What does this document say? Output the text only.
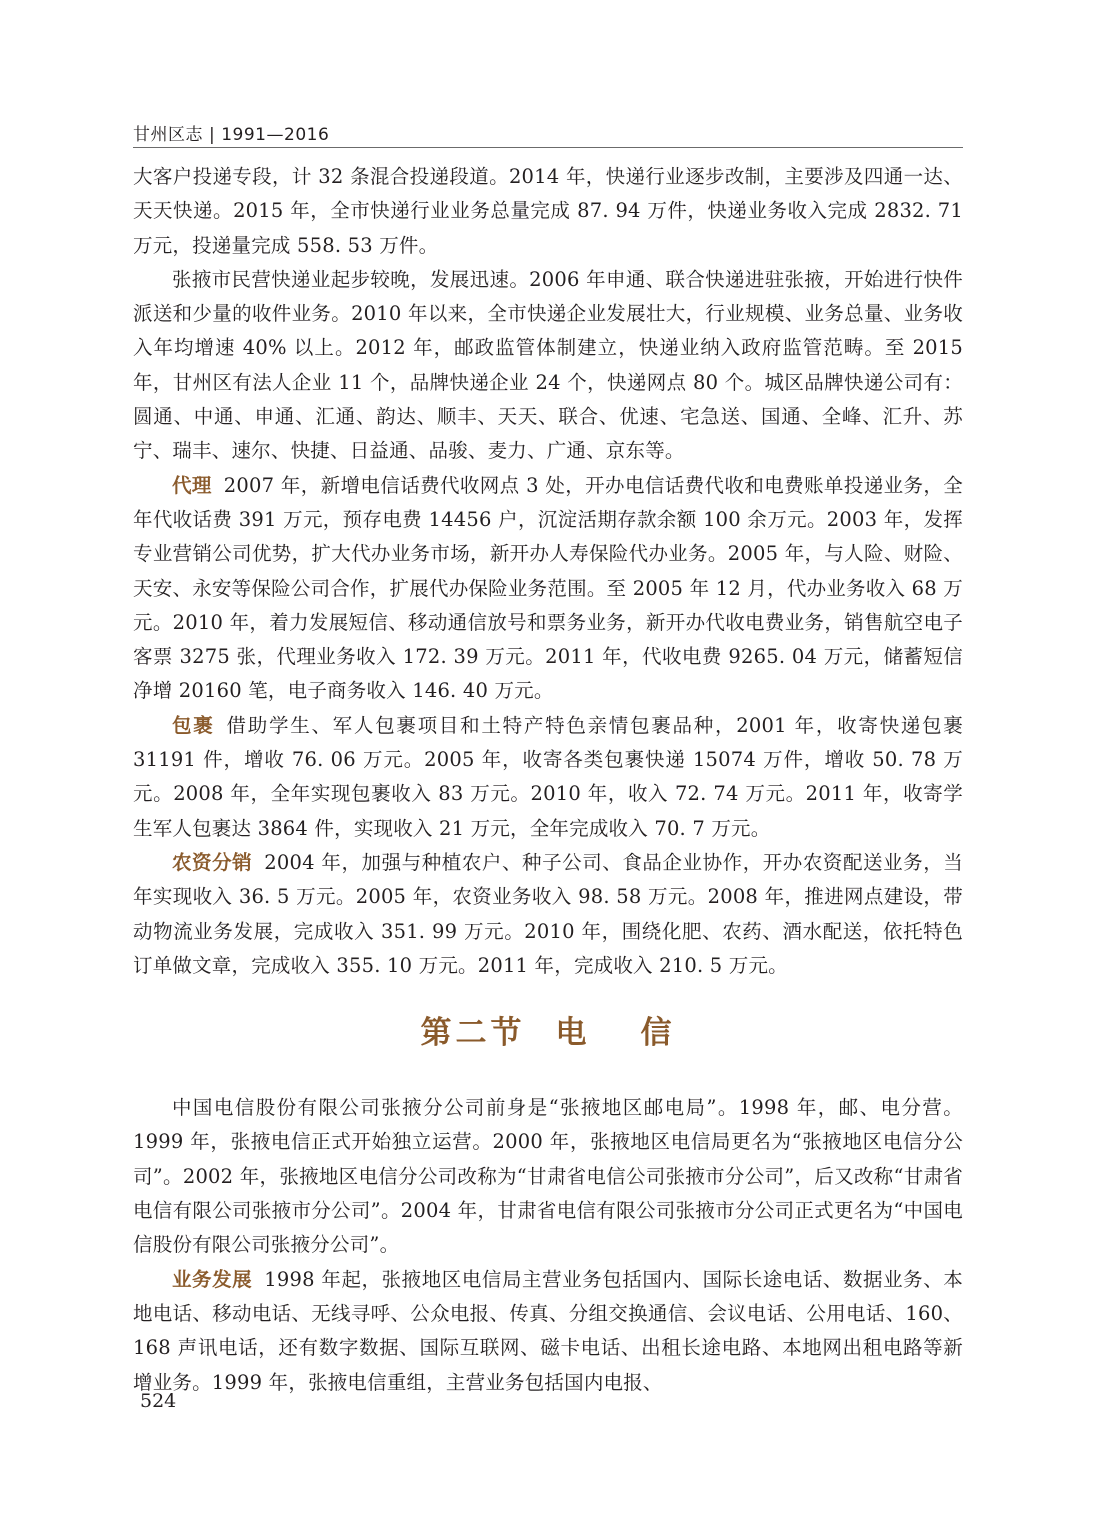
甘州区志 | 1991—2016

大客户投递专段，计 32 条混合投递段道。2014 年，快递行业逐步改制，主要涉及四通一达、天天快递。2015 年，全市快递行业业务总量完成 87. 94 万件，快递业务收入完成 2832. 71 万元，投递量完成 558. 53 万件。

张掖市民营快递业起步较晚，发展迅速。2006 年申通、联合快递进驻张掖，开始进行快件派送和少量的收件业务。2010 年以来，全市快递企业发展壮大，行业规模、业务总量、业务收入年均增速 40% 以上。2012 年，邮政监管体制建立，快递业纳入政府监管范畴。至 2015 年，甘州区有法人企业 11 个，品牌快递企业 24 个，快递网点 80 个。城区品牌快递公司有：圆通、中通、申通、汇通、韵达、顺丰、天天、联合、优速、宅急送、国通、全峰、汇升、苏宁、瑞丰、速尔、快捷、日益通、品骏、麦力、广通、京东等。

代理 2007 年，新增电信话费代收网点 3 处，开办电信话费代收和电费账单投递业务，全年代收话费 391 万元，预存电费 14456 户，沉淀活期存款余额 100 余万元。2003 年，发挥专业营销公司优势，扩大代办业务市场，新开办人寿保险代办业务。2005 年，与人险、财险、天安、永安等保险公司合作，扩展代办保险业务范围。至 2005 年 12 月，代办业务收入 68 万元。2010 年，着力发展短信、移动通信放号和票务业务，新开办代收电费业务，销售航空电子客票 3275 张，代理业务收入 172. 39 万元。2011 年，代收电费 9265. 04 万元，储蓄短信净增 20160 笔，电子商务收入 146. 40 万元。

包裹 借助学生、军人包裹项目和土特产特色亲情包裹品种，2001 年，收寄快递包裹 31191 件，增收 76. 06 万元。2005 年，收寄各类包裹快递 15074 万件，增收 50. 78 万元。2008 年，全年实现包裹收入 83 万元。2010 年，收入 72. 74 万元。2011 年，收寄学生军人包裹达 3864 件，实现收入 21 万元，全年完成收入 70. 7 万元。

农资分销 2004 年，加强与种植农户、种子公司、食品企业协作，开办农资配送业务，当年实现收入 36. 5 万元。2005 年，农资业务收入 98. 58 万元。2008 年，推进网点建设，带动物流业务发展，完成收入 351. 99 万元。2010 年，围绕化肥、农药、酒水配送，依托特色订单做文章，完成收入 355. 10 万元。2011 年，完成收入 210. 5 万元。

第二节 电 信

中国电信股份有限公司张掖分公司前身是“张掖地区邮电局”。1998 年，邮、电分营。1999 年，张掖电信正式开始独立运营。2000 年，张掖地区电信局更名为“张掖地区电信分公司”。2002 年，张掖地区电信分公司改称为“甘肃省电信公司张掖市分公司”，后又改称“甘肃省电信有限公司张掖市分公司”。2004 年，甘肃省电信有限公司张掖市分公司正式更名为“中国电信股份有限公司张掖分公司”。

业务发展 1998 年起，张掖地区电信局主营业务包括国内、国际长途电话、数据业务、本地电话、移动电话、无线寻呼、公众电报、传真、分组交换通信、会议电话、公用电话、160、168 声讯电话，还有数字数据、国际互联网、磁卡电话、出租长途电路、本地网出租电路等新增业务。1999 年，张掖电信重组，主营业务包括国内电报、

524
